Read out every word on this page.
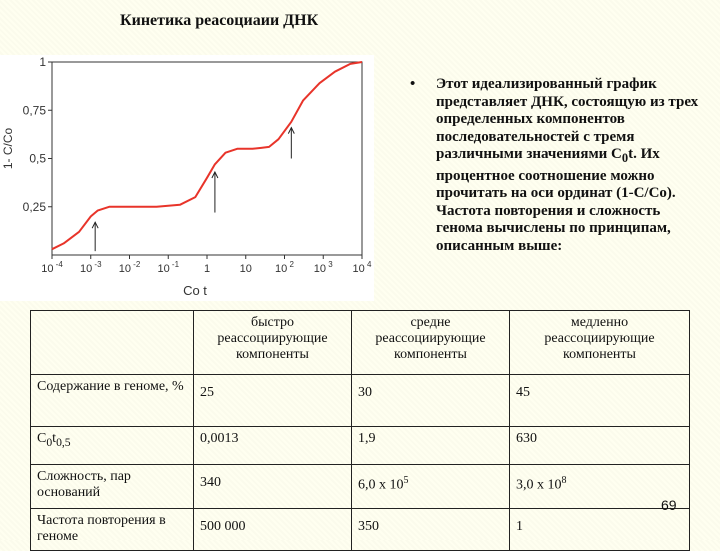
Кинетика реасоциаии ДНК
0,25
0,5
0,75
1
10 $^{-4}$ 10 $^{-3}$ 10 $^{-2}$ 10 $^{-1}$ 1	10 10 $^2$ 10 $^3$ 10 $^4$
Co t
1- C/Co
• Этот идеализированный график представляет ДНК, состоящую из трех определенных компонентов последовательностей с тремя различными значениями $C_0t$. Их процентное соотношение можно прочитать на оси ординат (1-C/Co). Частота повторения и сложность генома вычислены по принципам, описанным выше:
	быстро реассоциирующие компоненты	средне реассоциирующие компоненты	медленно реассоциирующие компоненты
Содержание в геноме, %	25	30	45
$C_0t_{0,5}$	0,0013	1,9	630
Сложность, пар оснований	340	6,0 x $10^5$	3,0 x $10^8$
Частота повторения в геноме	500 000	350	1
69
